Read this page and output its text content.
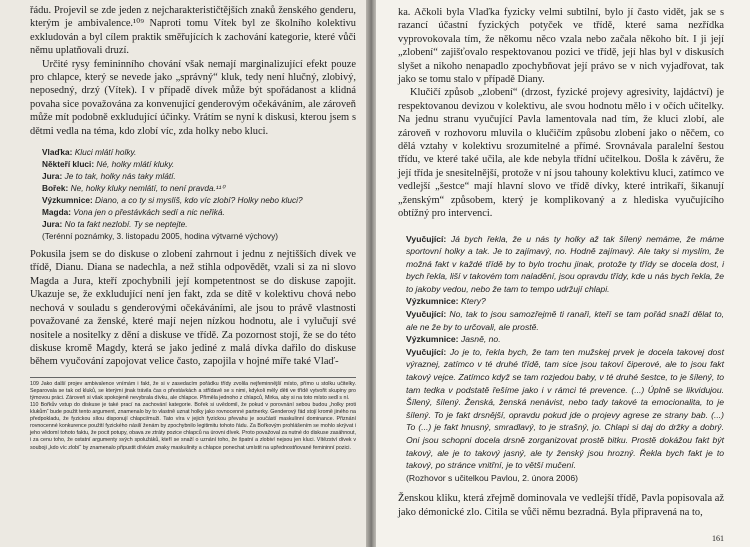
řádu. Projevil se zde jeden z nejcharakterističtějších znaků ženského genderu, kterým je ambivalence.¹⁰⁹ Naproti tomu Vítek byl ze školního kolektivu exkludován a byl cílem praktik směřujících k zachování kategorie, které vůči němu uplatňovali druzí.

Určité rysy femininního chování však nemají marginalizující efekt pouze pro chlapce, který se nevede jako „správný“ kluk, tedy není hlučný, zlobivý, neposedný, drzý (Vítek). I v případě dívek může být spořádanost a klidná povaha sice považována za konvenující genderovým očekáváním, ale zároveň může mít podobně exkludující účinky. Vrátím se nyní k diskusi, kterou jsem s dětmi vedla na téma, kdo zlobí víc, zda holky nebo kluci.

Vlaďka: Kluci mlátí holky.
Někteří kluci: Né, holky mlátí kluky.
Jura: Je to tak, holky nás taky mlátí.
Bořek: Ne, holky kluky nemlátí, to není pravda.¹¹⁰
Výzkumnice: Diano, a co ty si myslíš, kdo víc zlobí? Holky nebo kluci?
Magda: Vona jen o přestávkách sedí a nic neřiká.
Jura: No ta fakt nezlobí. Ty se neptejte.
(Terénní poznámky, 3. listopadu 2005, hodina výtvarné výchovy)

Pokusila jsem se do diskuse o zlobení zahrnout i jednu z nejtišších dívek ve třídě, Dianu. Diana se nadechla, a než stihla odpovědět, vzali si za ni slovo Magda a Jura, kteří zpochybnili její kompetentnost se do diskuse zapojit. Ukazuje se, že exkludující není jen fakt, zda se dítě v kolektivu chová nebo nechová v souladu s genderovými očekáváními, ale jsou to právě vlastnosti považované za ženské, které mají nejen nízkou hodnotu, ale i vylučují své nositele a nositelky z dění a diskuse ve třídě. Za pozornost stojí, že se do této diskuse kromě Magdy, která se jako jediné z malá dívka dařilo do diskuse během vyučování zapojovat velice často, zapojila v hojné míře také Vlaď-

109 Jako další projev ambivalence vnímám i fakt, že si v zasedacím pořádku třídy zvolila nejfeminnější místo, přímo u stolku učitelky. Separovala se tak od kluků, se kterými jinak trávila čas o přestávkách a střídavě se s nimi, kdykoli měly děti ve třídě vytvořit skupiny pro týmovou práci. Zároveň si však spokojeně nevybrala dívku, ale chlapce. Přiměla jednoho z chlapců, Mirka, aby si na toto místo sedl s ní.

110 Bořkův vstup do diskuse je také prací na zachování kategorie. Bořek si uvědomil, že pokud v porovnání sebou budou „holky proti klukům“ bude použit tento argument, znamenalo by to vlastně uznat holky jako rovnocenné partnerky. Genderový řád stojí kromě jiného na předpokladu, že fyzickou sílou disponují chlapci/muži. Tato víra v jejich fyzickou převahu je součástí maskulinní dominance. Přiznání rovnocenné konkurence použití fyzického násilí ženám by zpochybnilo legitimitu tohoto řádu. Za Bořkovým prohlášením se mohlo skrývat i jeho vědomí tohoto faktu, že pocit potupy, obava ze ztráty pozice chlapců na úrovni dívek. Proto považoval za nutné do diskuse zasáhnout, i za cenu toho, že ostatní argumenty svých spolužáků, kteří se snaží o uznání toho, že špatní a zlobiví nejsou jen kluci. Vítězství dívek v souboji „kdo víc zlobí“ by znamenalo připustit dívkám znaky maskulinity a chlapce ponechat umístit na upřednostňované femininní pozici.

ka. Ačkoli byla Vlaďka fyzicky velmi subtilní, bylo jí často vidět, jak se s razancí účastní fyzických potyček ve třídě, které sama nezřídka vyprovokovala tím, že někomu něco vzala nebo začala někoho bít. I ji její „zlobení“ zajišťovalo respektovanou pozici ve třídě, její hlas byl v diskusích slyšet a nikoho nenapadlo zpochybňovat její právo se v nich vyjadřovat, tak jako se tomu stalo v případě Diany.

Klučičí způsob „zlobení“ (drzost, fyzické projevy agresivity, lajdáctví) je respektovanou devizou v kolektivu, ale svou hodnotu mělo i v očích učitelky. Na jednu stranu vyučující Pavla lamentovala nad tím, že kluci zlobí, ale zároveň v rozhovoru mluvila o klučičím způsobu zlobení jako o něčem, co dělá vztahy v kolektivu srozumitelné a přímé. Srovnávala paralelní šestou třídu, ve které také učila, ale kde nebyla třídní učitelkou. Došla k závěru, že její třída je snesitelnější, protože v ní jsou tahouny kolektivu kluci, zatímco ve vedlejší „šestce“ mají hlavní slovo ve třídě dívky, které intrikaří, šikanují „ženským“ způsobem, který je komplikovaný a z hlediska vyučujícího obtížný pro intervenci.

Vyučující: Já bych řekla, že u nás ty holky až tak šílený nemáme, že máme sportovní holky a tak. Je to zajímavý, no. Hodně zajímavý. Ale taky si myslím, že možná fakt v každé třídě by to bylo trochu jinak, protože ty třídy se docela dost, i bych řekla, liší v takovém tom naladění, jsou opravdu třídy, kde u nás bych řekla, že to jakoby vedou, nebo že tam to tempo udržují chlapi.
Výzkumnice: Ktery?
Vyučující: No, tak to jsou samozřejmě ti ranaři, kteří se tam pořád snaží dělat to, ale ne že by to určovali, ale prostě.
Výzkumnice: Jasně, no.
Vyučující: Jo je to, řekla bych, že tam ten mužskej prvek je docela takovej dost výraznej, zatímco v té druhé třídě, tam sice jsou takoví čiperové, ale to jsou fakt takový vejce. Zatímco když se tam rozjedou baby, v té druhé šestce, to je šílený, to tam tedka v podstatě řešíme jako i v rámci té prevence. (...) Úplně se likvidujou. Šílený, šílený. Ženská, ženská nenávist, nebo tady takové ta emocionalita, to je šílený. To je fakt drsnější, opravdu pokud jde o projevy agrese ze strany bab. (...) To (...) je fakt hnusný, smradlavý, to je strašný, jo. Chlapi si daj do držky a dobrý. Oni jsou schopni docela drsně zorganizovat prostě bitku. Prostě dokážou fakt být takový, ale je to takový jasný, ale ty ženský jsou hrozný. Řekla bych fakt je to takový, po stránce vnitřní, je to větší mučení.
(Rozhovor s učitelkou Pavlou, 2. února 2006)

Ženskou kliku, která zřejmě dominovala ve vedlejší třídě, Pavla popisovala až jako démonické zlo. Citila se vůči němu bezradná. Byla připravená na to,

161
